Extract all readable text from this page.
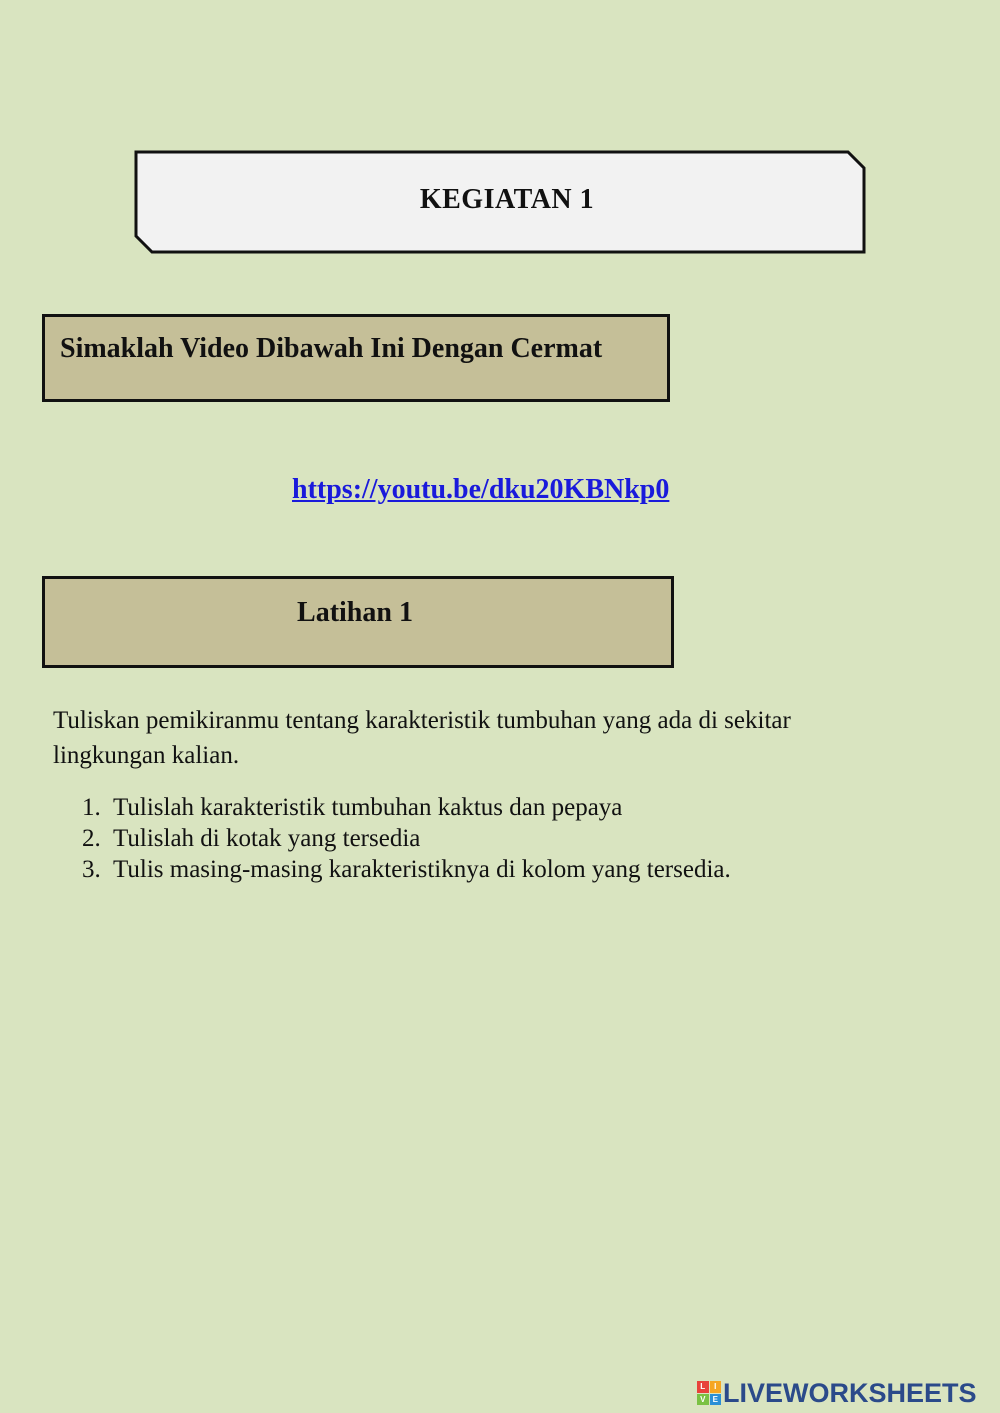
KEGIATAN 1
Simaklah Video Dibawah Ini Dengan Cermat
https://youtu.be/dku20KBNkp0
Latihan 1
Tuliskan pemikiranmu tentang karakteristik tumbuhan yang ada di sekitar
lingkungan kalian.
1. Tulislah karakteristik tumbuhan kaktus dan pepaya
2. Tulislah di kotak yang tersedia
3. Tulis masing-masing karakteristiknya di kolom yang tersedia.
L	I
V E LIVEWORKSHEETS
